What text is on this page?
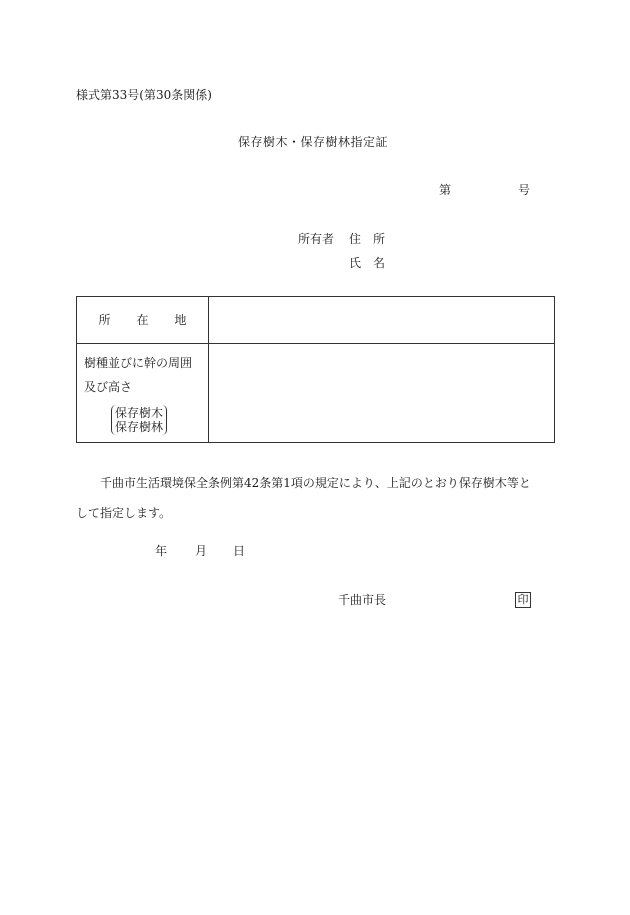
様式第33号(第30条関係)
保存樹木・保存樹林指定証
第	号
所有者 住　所
氏　名
所 在 地	

樹種並びに幹の周囲
及び高さ
保存樹木
保存樹林	

千曲市生活環境保全条例第42条第1項の規定により、上記のとおり保存樹木等と

して指定します。

年 月 日
千曲市長	印
